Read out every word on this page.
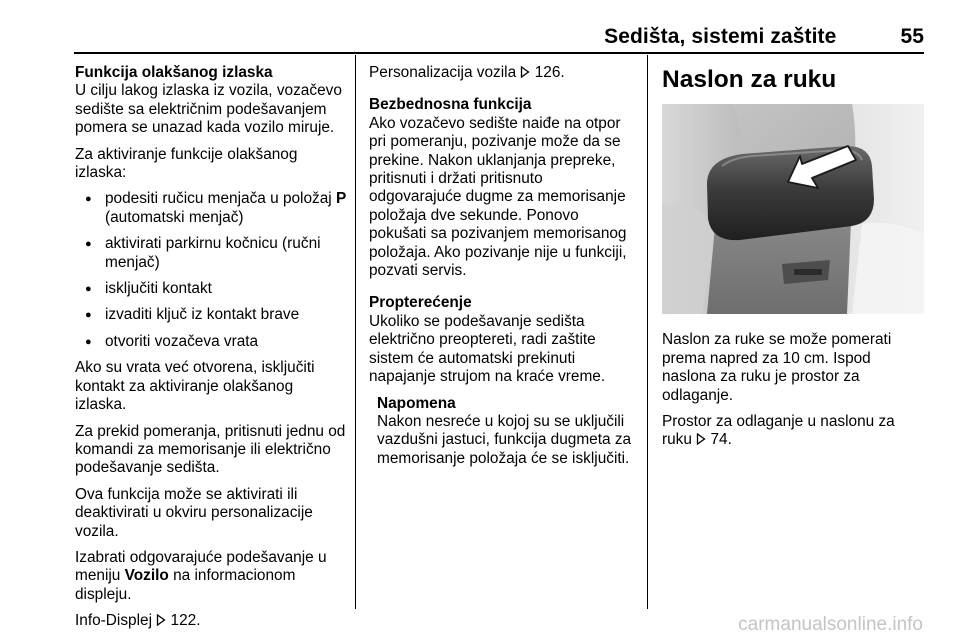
Sedišta, sistemi zaštite	55
Funkcija olakšanog izlaska

U cilju lakog izlaska iz vozila, vozačevo sedište sa električnim podešavanjem pomera se unazad kada vozilo miruje.

Za aktiviranje funkcije olakšanog izlaska:

● podesiti ručicu menjača u položaj P (automatski menjač)
● aktivirati parkirnu kočnicu (ručni menjač)
● isključiti kontakt
● izvaditi ključ iz kontakt brave
● otvoriti vozačeva vrata

Ako su vrata već otvorena, isključiti kontakt za aktiviranje olakšanog izlaska.

Za prekid pomeranja, pritisnuti jednu od komandi za memorisanje ili električno podešavanje sedišta.

Ova funkcija može se aktivirati ili deaktivirati u okviru personalizacije vozila.

Izabrati odgovarajuće podešavanje u meniju Vozilo na informacionom displeju.

Info-Displej  122.

Personalizacija vozila  126.

Bezbednosna funkcija

Ako vozačevo sedište naiđe na otpor pri pomeranju, pozivanje može da se prekine. Nakon uklanjanja prepreke, pritisnuti i držati pritisnuto odgovarajuće dugme za memorisanje položaja dve sekunde. Ponovo pokušati sa pozivanjem memorisanog položaja. Ako pozivanje nije u funkciji, pozvati servis.

Propterećenje

Ukoliko se podešavanje sedišta električno preoptereti, radi zaštite sistem će automatski prekinuti napajanje strujom na kraće vreme.

Napomena
Nakon nesreće u kojoj su se uključili vazdušni jastuci, funkcija dugmeta za memorisanje položaja će se isključiti.
Naslon za ruku

Naslon za ruke se može pomerati prema napred za 10 cm. Ispod naslona za ruku je prostor za odlaganje.

Prostor za odlaganje u naslonu za ruku  74.

carmanualsonline.info
